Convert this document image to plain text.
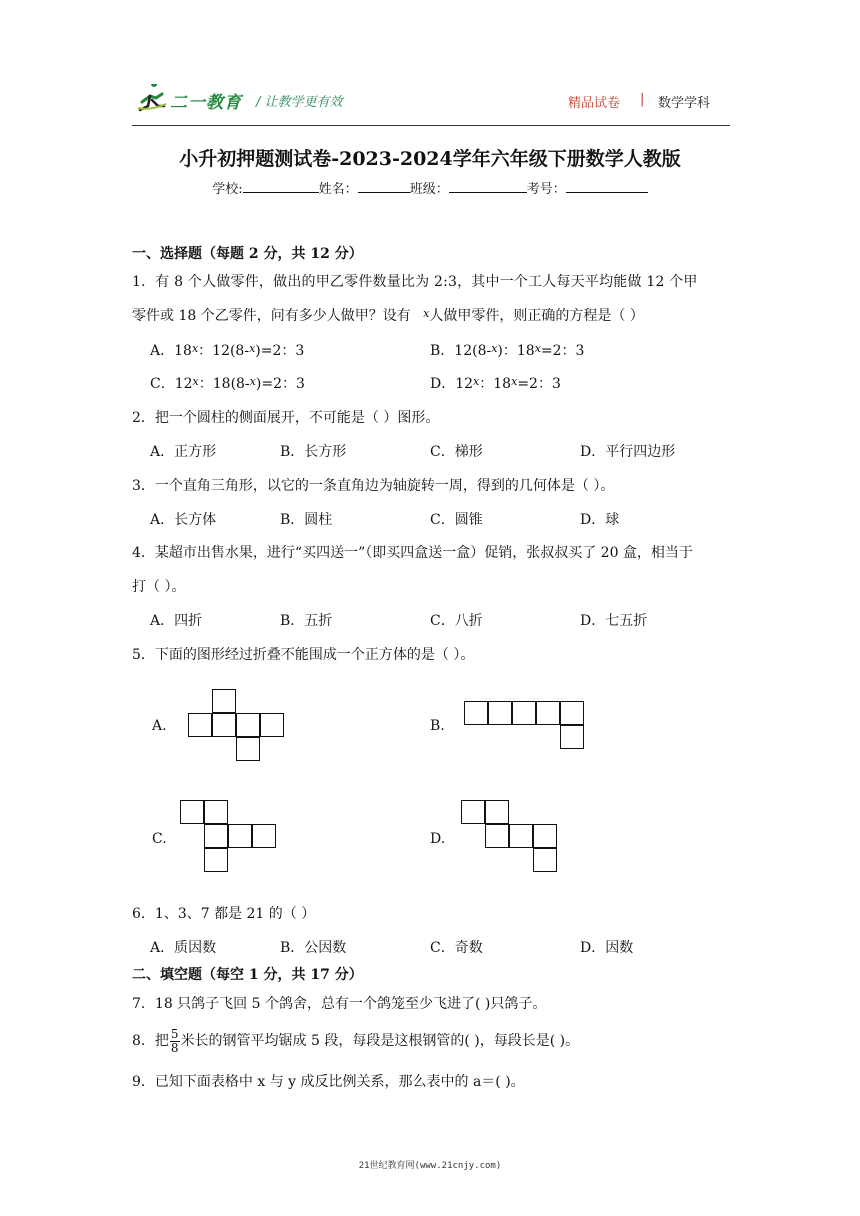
二一教育 / 让教学更有效	精品试卷 | 数学学科
小升初押题测试卷-2023-2024学年六年级下册数学人教版
学校:	姓名：	班级：	考号：
一、选择题（每题 2 分，共 12 分）
1．有 8 个人做零件，做出的甲乙零件数量比为 2:3，其中一个工人每天平均能做 12 个甲
零件或 18 个乙零件，问有多少人做甲？设有 $^x$人做甲零件，则正确的方程是（ ）
A．18$^x$：12(8-$^x$)=2：3	B．12(8-$^x$)：$18^x=2$：3
C．12$^x$：18(8-$^x$)=2：3	D．12$^x$：$18^x=2$：3
2．把一个圆柱的侧面展开，不可能是（ ）图形。
A．正方形	B．长方形	C．梯形	D．平行四边形
3．一个直角三角形，以它的一条直角边为轴旋转一周，得到的几何体是（ ）。
A．长方体	B．圆柱	C．圆锥	D．球
4．某超市出售水果，进行“买四送一”（即买四盒送一盒）促销，张叔叔买了 20 盒，相当于
打（ ）。
A．四折	B．五折	C．八折	D．七五折
5．下面的图形经过折叠不能围成一个正方体的是（ ）。
A.	B.
C.	D.
6．1、3、7 都是 21 的（ ）
A．质因数	B．公因数	C．奇数	D．因数
二、填空题（每空 1 分，共 17 分）
7．18 只鸽子飞回 5 个鸽舍，总有一个鸽笼至少飞进了( )只鸽子。
8．把 $\frac{5}{8}$ 米长的钢管平均锯成 5 段，每段是这根钢管的( )，每段长是( )。
9．已知下面表格中 x 与 y 成反比例关系，那么表中的 a＝( )。
21世纪教育网(www.21cnjy.com)
